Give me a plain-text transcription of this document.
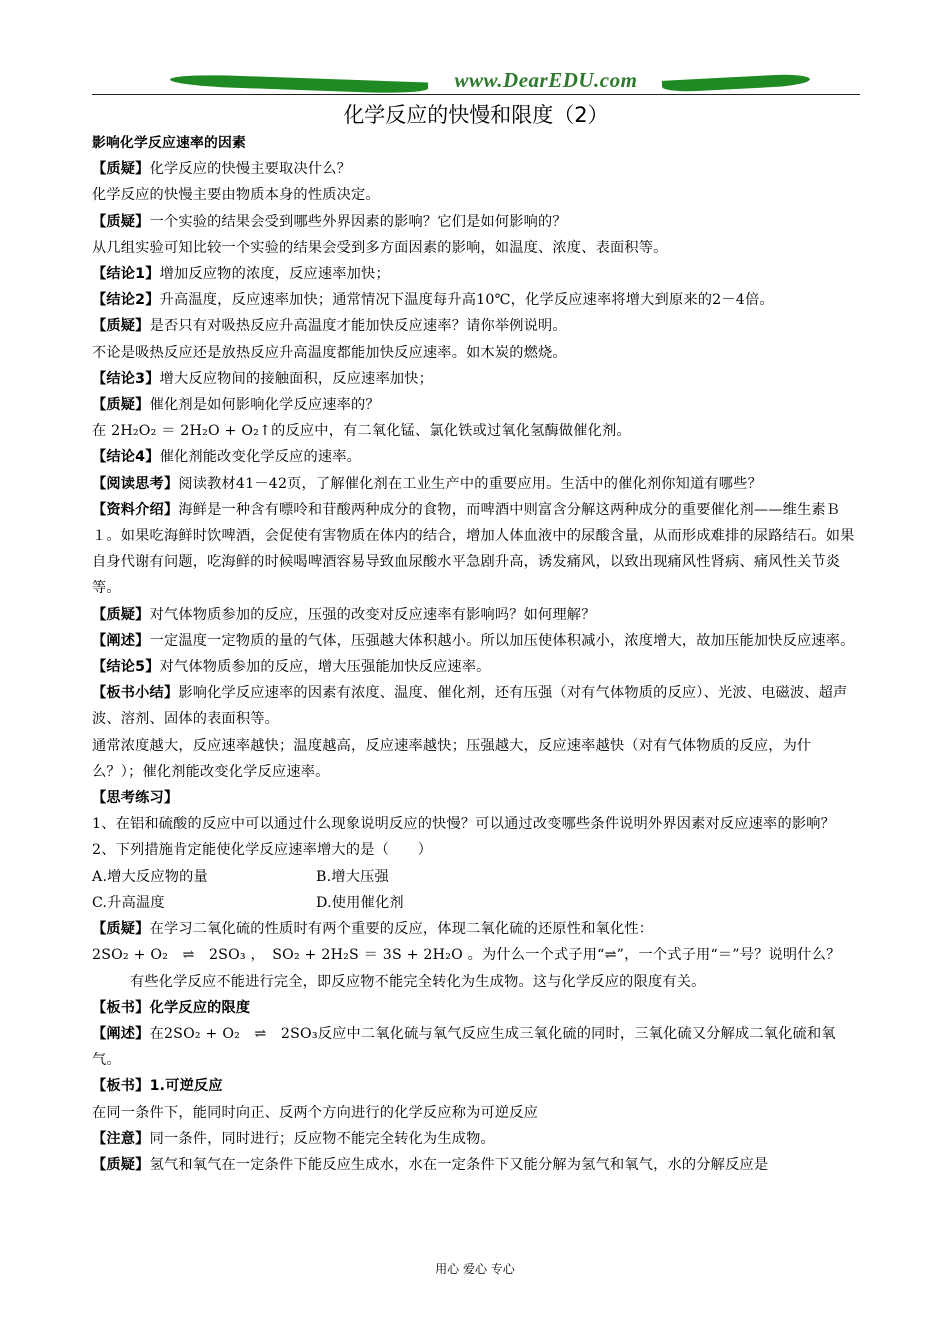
www.DearEDU.com
化学反应的快慢和限度（2）
影响化学反应速率的因素
【质疑】化学反应的快慢主要取决什么？
化学反应的快慢主要由物质本身的性质决定。
【质疑】一个实验的结果会受到哪些外界因素的影响？它们是如何影响的？
从几组实验可知比较一个实验的结果会受到多方面因素的影响，如温度、浓度、表面积等。
【结论1】增加反应物的浓度，反应速率加快；
【结论2】升高温度，反应速率加快；通常情况下温度每升高10℃，化学反应速率将增大到原来的2－4倍。
【质疑】是否只有对吸热反应升高温度才能加快反应速率？请你举例说明。
不论是吸热反应还是放热反应升高温度都能加快反应速率。如木炭的燃烧。
【结论3】增大反应物间的接触面积，反应速率加快；
【质疑】催化剂是如何影响化学反应速率的？
在 2H₂O₂ ＝ 2H₂O + O₂↑的反应中，有二氧化锰、氯化铁或过氧化氢酶做催化剂。
【结论4】催化剂能改变化学反应的速率。
【阅读思考】阅读教材41－42页，了解催化剂在工业生产中的重要应用。生活中的催化剂你知道有哪些？
【资料介绍】海鲜是一种含有嘌呤和苷酸两种成分的食物，而啤酒中则富含分解这两种成分的重要催化剂——维生素Ｂ１。如果吃海鲜时饮啤酒，会促使有害物质在体内的结合，增加人体血液中的尿酸含量，从而形成难排的尿路结石。如果自身代谢有问题，吃海鲜的时候喝啤酒容易导致血尿酸水平急剧升高，诱发痛风，以致出现痛风性肾病、痛风性关节炎等。
【质疑】对气体物质参加的反应，压强的改变对反应速率有影响吗？如何理解？
【阐述】一定温度一定物质的量的气体，压强越大体积越小。所以加压使体积减小，浓度增大，故加压能加快反应速率。
【结论5】对气体物质参加的反应，增大压强能加快反应速率。
【板书小结】影响化学反应速率的因素有浓度、温度、催化剂，还有压强（对有气体物质的反应）、光波、电磁波、超声波、溶剂、固体的表面积等。
通常浓度越大，反应速率越快；温度越高，反应速率越快；压强越大，反应速率越快（对有气体物质的反应，为什么？）；催化剂能改变化学反应速率。
【思考练习】
1、在铝和硫酸的反应中可以通过什么现象说明反应的快慢？可以通过改变哪些条件说明外界因素对反应速率的影响？
2、下列措施肯定能使化学反应速率增大的是（　　）
A.增大反应物的量	B.增大压强
C.升高温度	D.使用催化剂
【质疑】在学习二氧化硫的性质时有两个重要的反应，体现二氧化硫的还原性和氧化性：
2SO₂ + O₂　⇌　2SO₃ ，　SO₂ + 2H₂S ＝ 3S + 2H₂O 。为什么一个式子用“⇌”，一个式子用“＝”号？说明什么？
有些化学反应不能进行完全，即反应物不能完全转化为生成物。这与化学反应的限度有关。
【板书】化学反应的限度
【阐述】在2SO₂ + O₂　⇌　2SO₃反应中二氧化硫与氧气反应生成三氧化硫的同时，三氧化硫又分解成二氧化硫和氧气。
【板书】1.可逆反应
在同一条件下，能同时向正、反两个方向进行的化学反应称为可逆反应
【注意】同一条件，同时进行；反应物不能完全转化为生成物。
【质疑】氢气和氧气在一定条件下能反应生成水，水在一定条件下又能分解为氢气和氧气，水的分解反应是
用心 爱心 专心
